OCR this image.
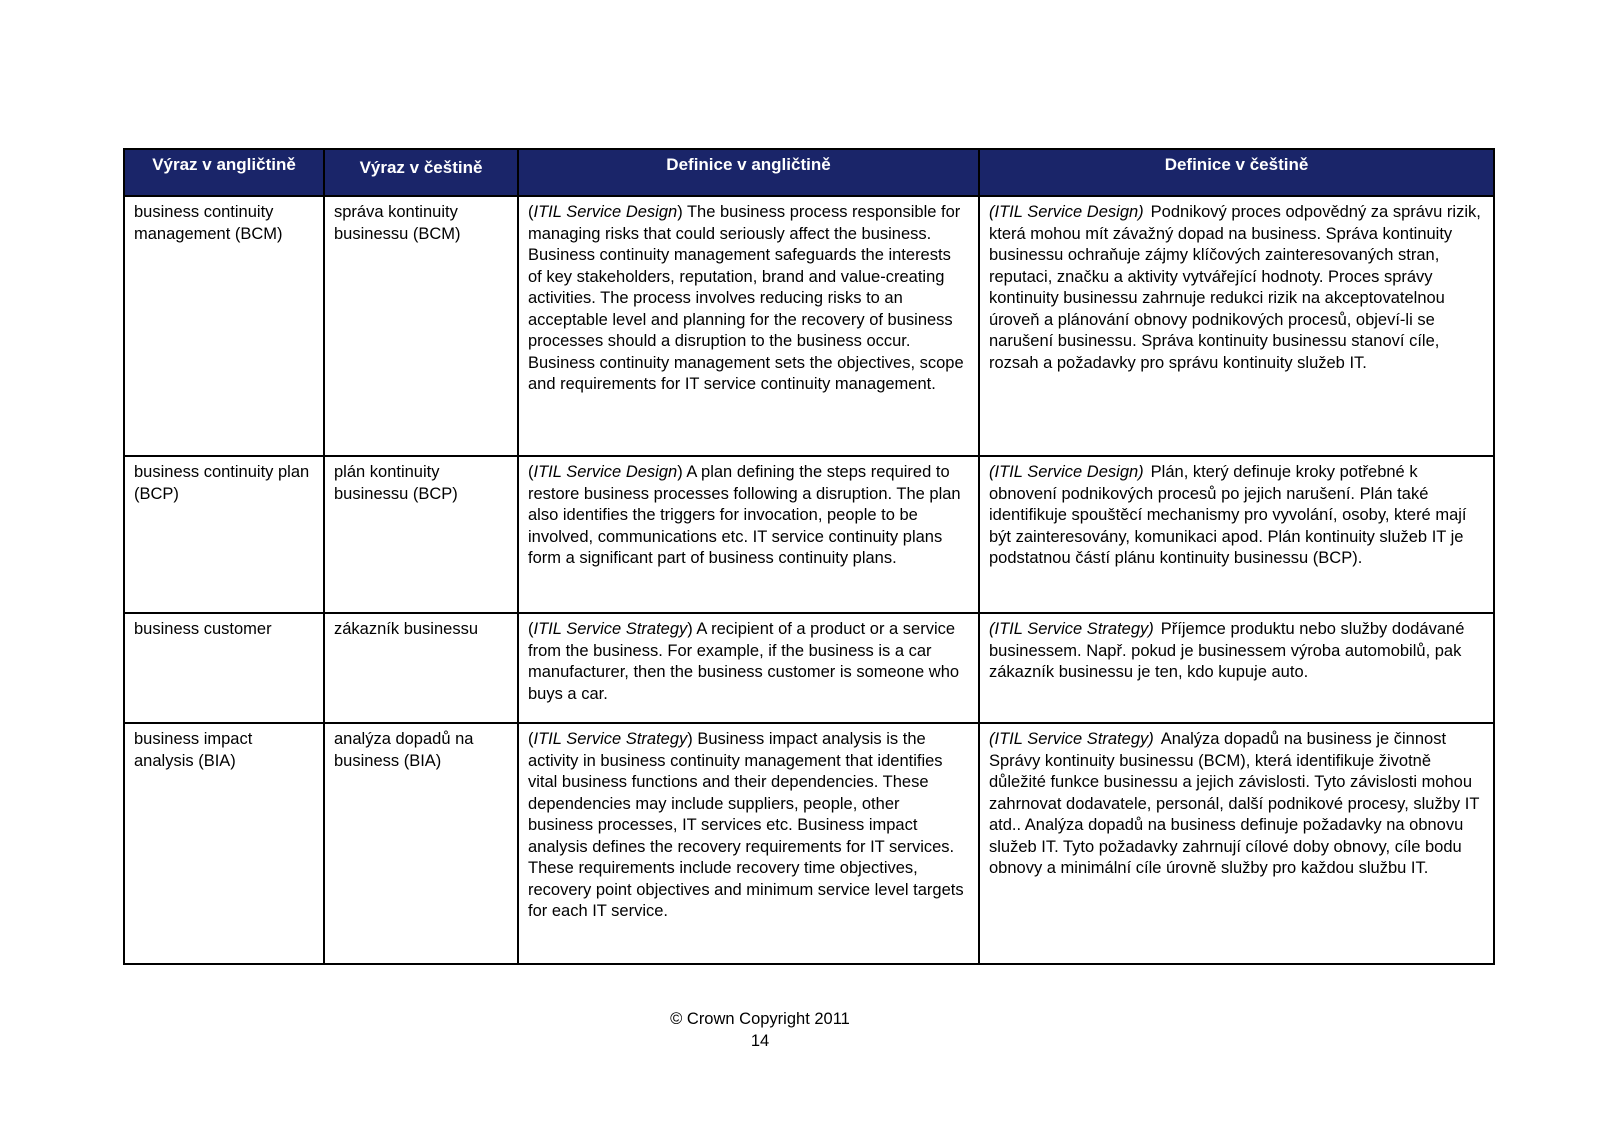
Výraz v angličtině	Výraz v češtině	Definice v angličtině	Definice v češtině
business continuity management (BCM)	správa kontinuity businessu (BCM)	(ITIL Service Design) The business process responsible for managing risks that could seriously affect the business. Business continuity management safeguards the interests of key stakeholders, reputation, brand and value-creating activities. The process involves reducing risks to an acceptable level and planning for the recovery of business processes should a disruption to the business occur. Business continuity management sets the objectives, scope and requirements for IT service continuity management.	(ITIL Service Design) Podnikový proces odpovědný za správu rizik, která mohou mít závažný dopad na business. Správa kontinuity businessu ochraňuje zájmy klíčových zainteresovaných stran, reputaci, značku a aktivity vytvářející hodnoty. Proces správy kontinuity businessu zahrnuje redukci rizik na akceptovatelnou úroveň a plánování obnovy podnikových procesů, objeví-li se narušení businessu. Správa kontinuity businessu stanoví cíle, rozsah a požadavky pro správu kontinuity služeb IT.
business continuity plan (BCP)	plán kontinuity businessu (BCP)	(ITIL Service Design) A plan defining the steps required to restore business processes following a disruption. The plan also identifies the triggers for invocation, people to be involved, communications etc. IT service continuity plans form a significant part of business continuity plans.	(ITIL Service Design) Plán, který definuje kroky potřebné k obnovení podnikových procesů po jejich narušení. Plán také identifikuje spouštěcí mechanismy pro vyvolání, osoby, které mají být zainteresovány, komunikaci apod. Plán kontinuity služeb IT je podstatnou částí plánu kontinuity businessu (BCP).
business customer	zákazník businessu	(ITIL Service Strategy) A recipient of a product or a service from the business. For example, if the business is a car manufacturer, then the business customer is someone who buys a car.	(ITIL Service Strategy) Příjemce produktu nebo služby dodávané businessem. Např. pokud je businessem výroba automobilů, pak zákazník businessu je ten, kdo kupuje auto.
business impact analysis (BIA)	analýza dopadů na business (BIA)	(ITIL Service Strategy) Business impact analysis is the activity in business continuity management that identifies vital business functions and their dependencies. These dependencies may include suppliers, people, other business processes, IT services etc. Business impact analysis defines the recovery requirements for IT services. These requirements include recovery time objectives, recovery point objectives and minimum service level targets for each IT service.	(ITIL Service Strategy) Analýza dopadů na business je činnost Správy kontinuity businessu (BCM), která identifikuje životně důležité funkce businessu a jejich závislosti. Tyto závislosti mohou zahrnovat dodavatele, personál, další podnikové procesy, služby IT atd.. Analýza dopadů na business definuje požadavky na obnovu služeb IT. Tyto požadavky zahrnují cílové doby obnovy, cíle bodu obnovy a minimální cíle úrovně služby pro každou službu IT.
© Crown Copyright 2011
14
